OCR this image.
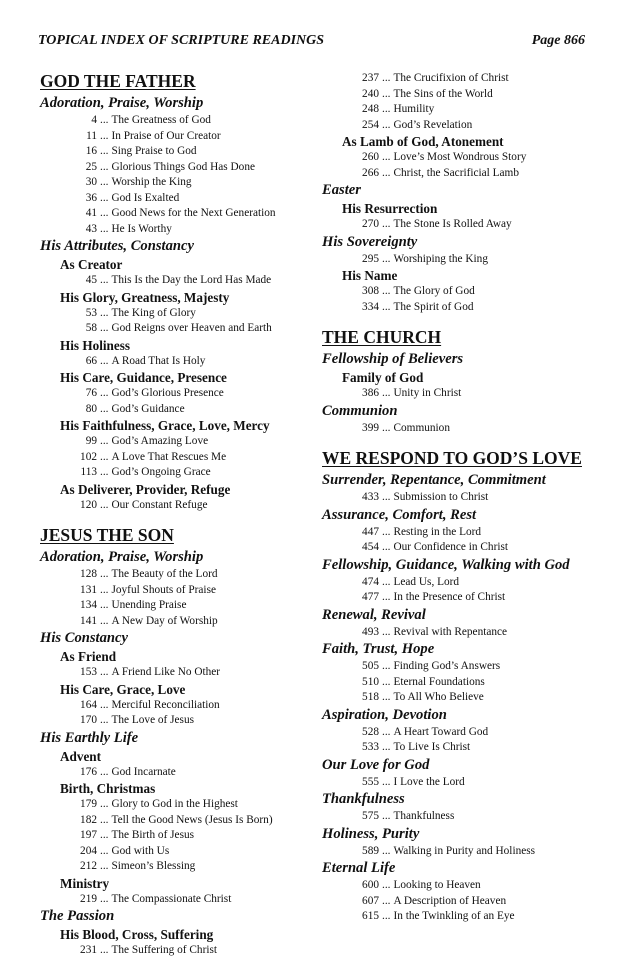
TOPICAL INDEX OF SCRIPTURE READINGS	Page 866
GOD THE FATHER
Adoration, Praise, Worship
4 ... The Greatness of God
11 ... In Praise of Our Creator
16 ... Sing Praise to God
25 ... Glorious Things God Has Done
30 ... Worship the King
36 ... God Is Exalted
41 ... Good News for the Next Generation
43 ... He Is Worthy
His Attributes, Constancy
As Creator
45 ... This Is the Day the Lord Has Made
His Glory, Greatness, Majesty
53 ... The King of Glory
58 ... God Reigns over Heaven and Earth
His Holiness
66 ... A Road That Is Holy
His Care, Guidance, Presence
76 ... God’s Glorious Presence
80 ... God’s Guidance
His Faithfulness, Grace, Love, Mercy
99 ... God’s Amazing Love
102 ... A Love That Rescues Me
113 ... God’s Ongoing Grace
As Deliverer, Provider, Refuge
120 ... Our Constant Refuge
JESUS THE SON
Adoration, Praise, Worship
128 ... The Beauty of the Lord
131 ... Joyful Shouts of Praise
134 ... Unending Praise
141 ... A New Day of Worship
His Constancy
As Friend
153 ... A Friend Like No Other
His Care, Grace, Love
164 ... Merciful Reconciliation
170 ... The Love of Jesus
His Earthly Life
Advent
176 ... God Incarnate
Birth, Christmas
179 ... Glory to God in the Highest
182 ... Tell the Good News (Jesus Is Born)
197 ... The Birth of Jesus
204 ... God with Us
212 ... Simeon’s Blessing
Ministry
219 ... The Compassionate Christ
The Passion
His Blood, Cross, Suffering
231 ... The Suffering of Christ
237 ... The Crucifixion of Christ
240 ... The Sins of the World
248 ... Humility
254 ... God’s Revelation
As Lamb of God, Atonement
260 ... Love’s Most Wondrous Story
266 ... Christ, the Sacrificial Lamb
Easter
His Resurrection
270 ... The Stone Is Rolled Away
His Sovereignty
295 ... Worshiping the King
His Name
308 ... The Glory of God
334 ... The Spirit of God
THE CHURCH
Fellowship of Believers
Family of God
386 ... Unity in Christ
Communion
399 ... Communion
WE RESPOND TO GOD’S LOVE
Surrender, Repentance, Commitment
433 ... Submission to Christ
Assurance, Comfort, Rest
447 ... Resting in the Lord
454 ... Our Confidence in Christ
Fellowship, Guidance, Walking with God
474 ... Lead Us, Lord
477 ... In the Presence of Christ
Renewal, Revival
493 ... Revival with Repentance
Faith, Trust, Hope
505 ... Finding God’s Answers
510 ... Eternal Foundations
518 ... To All Who Believe
Aspiration, Devotion
528 ... A Heart Toward God
533 ... To Live Is Christ
Our Love for God
555 ... I Love the Lord
Thankfulness
575 ... Thankfulness
Holiness, Purity
589 ... Walking in Purity and Holiness
Eternal Life
600 ... Looking to Heaven
607 ... A Description of Heaven
615 ... In the Twinkling of an Eye
